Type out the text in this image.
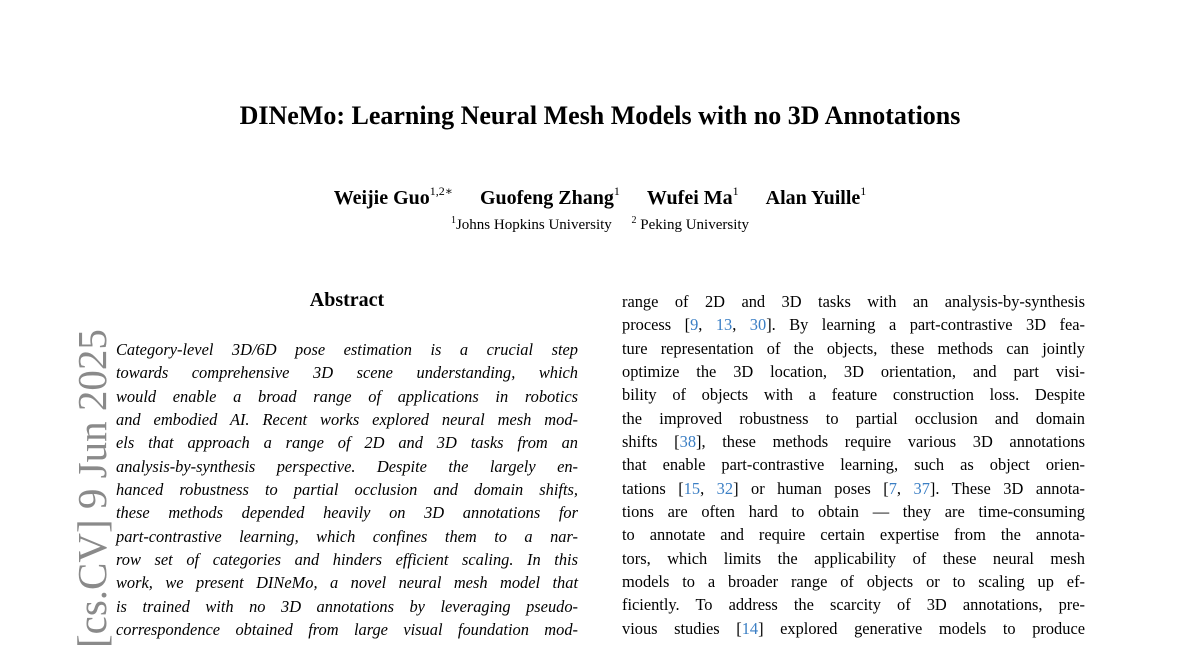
[cs.CV] 9 Jun 2025
DINeMo: Learning Neural Mesh Models with no 3D Annotations
Weijie Guo$^{1,2∗}$ Guofeng Zhang$^1$ Wufei Ma$^1$ Alan Yuille$^1$
$^1$Johns Hopkins University $^2$ Peking University
Abstract
Category-level 3D/6D pose estimation is a crucial step
towards comprehensive 3D scene understanding, which
would enable a broad range of applications in robotics
and embodied AI. Recent works explored neural mesh mod-
els that approach a range of 2D and 3D tasks from an
analysis-by-synthesis perspective. Despite the largely en-
hanced robustness to partial occlusion and domain shifts,
these methods depended heavily on 3D annotations for
part-contrastive learning, which confines them to a nar-
row set of categories and hinders efficient scaling. In this
work, we present DINeMo, a novel neural mesh model that
is trained with no 3D annotations by leveraging pseudo-
correspondence obtained from large visual foundation mod-
range of 2D and 3D tasks with an analysis-by-synthesis
process [9, 13, 30]. By learning a part-contrastive 3D fea-
ture representation of the objects, these methods can jointly
optimize the 3D location, 3D orientation, and part visi-
bility of objects with a feature construction loss. Despite
the improved robustness to partial occlusion and domain
shifts [38], these methods require various 3D annotations
that enable part-contrastive learning, such as object orien-
tations [15, 32] or human poses [7, 37]. These 3D annota-
tions are often hard to obtain — they are time-consuming
to annotate and require certain expertise from the annota-
tors, which limits the applicability of these neural mesh
models to a broader range of objects or to scaling up ef-
ficiently. To address the scarcity of 3D annotations, pre-
vious studies [14] explored generative models to produce
